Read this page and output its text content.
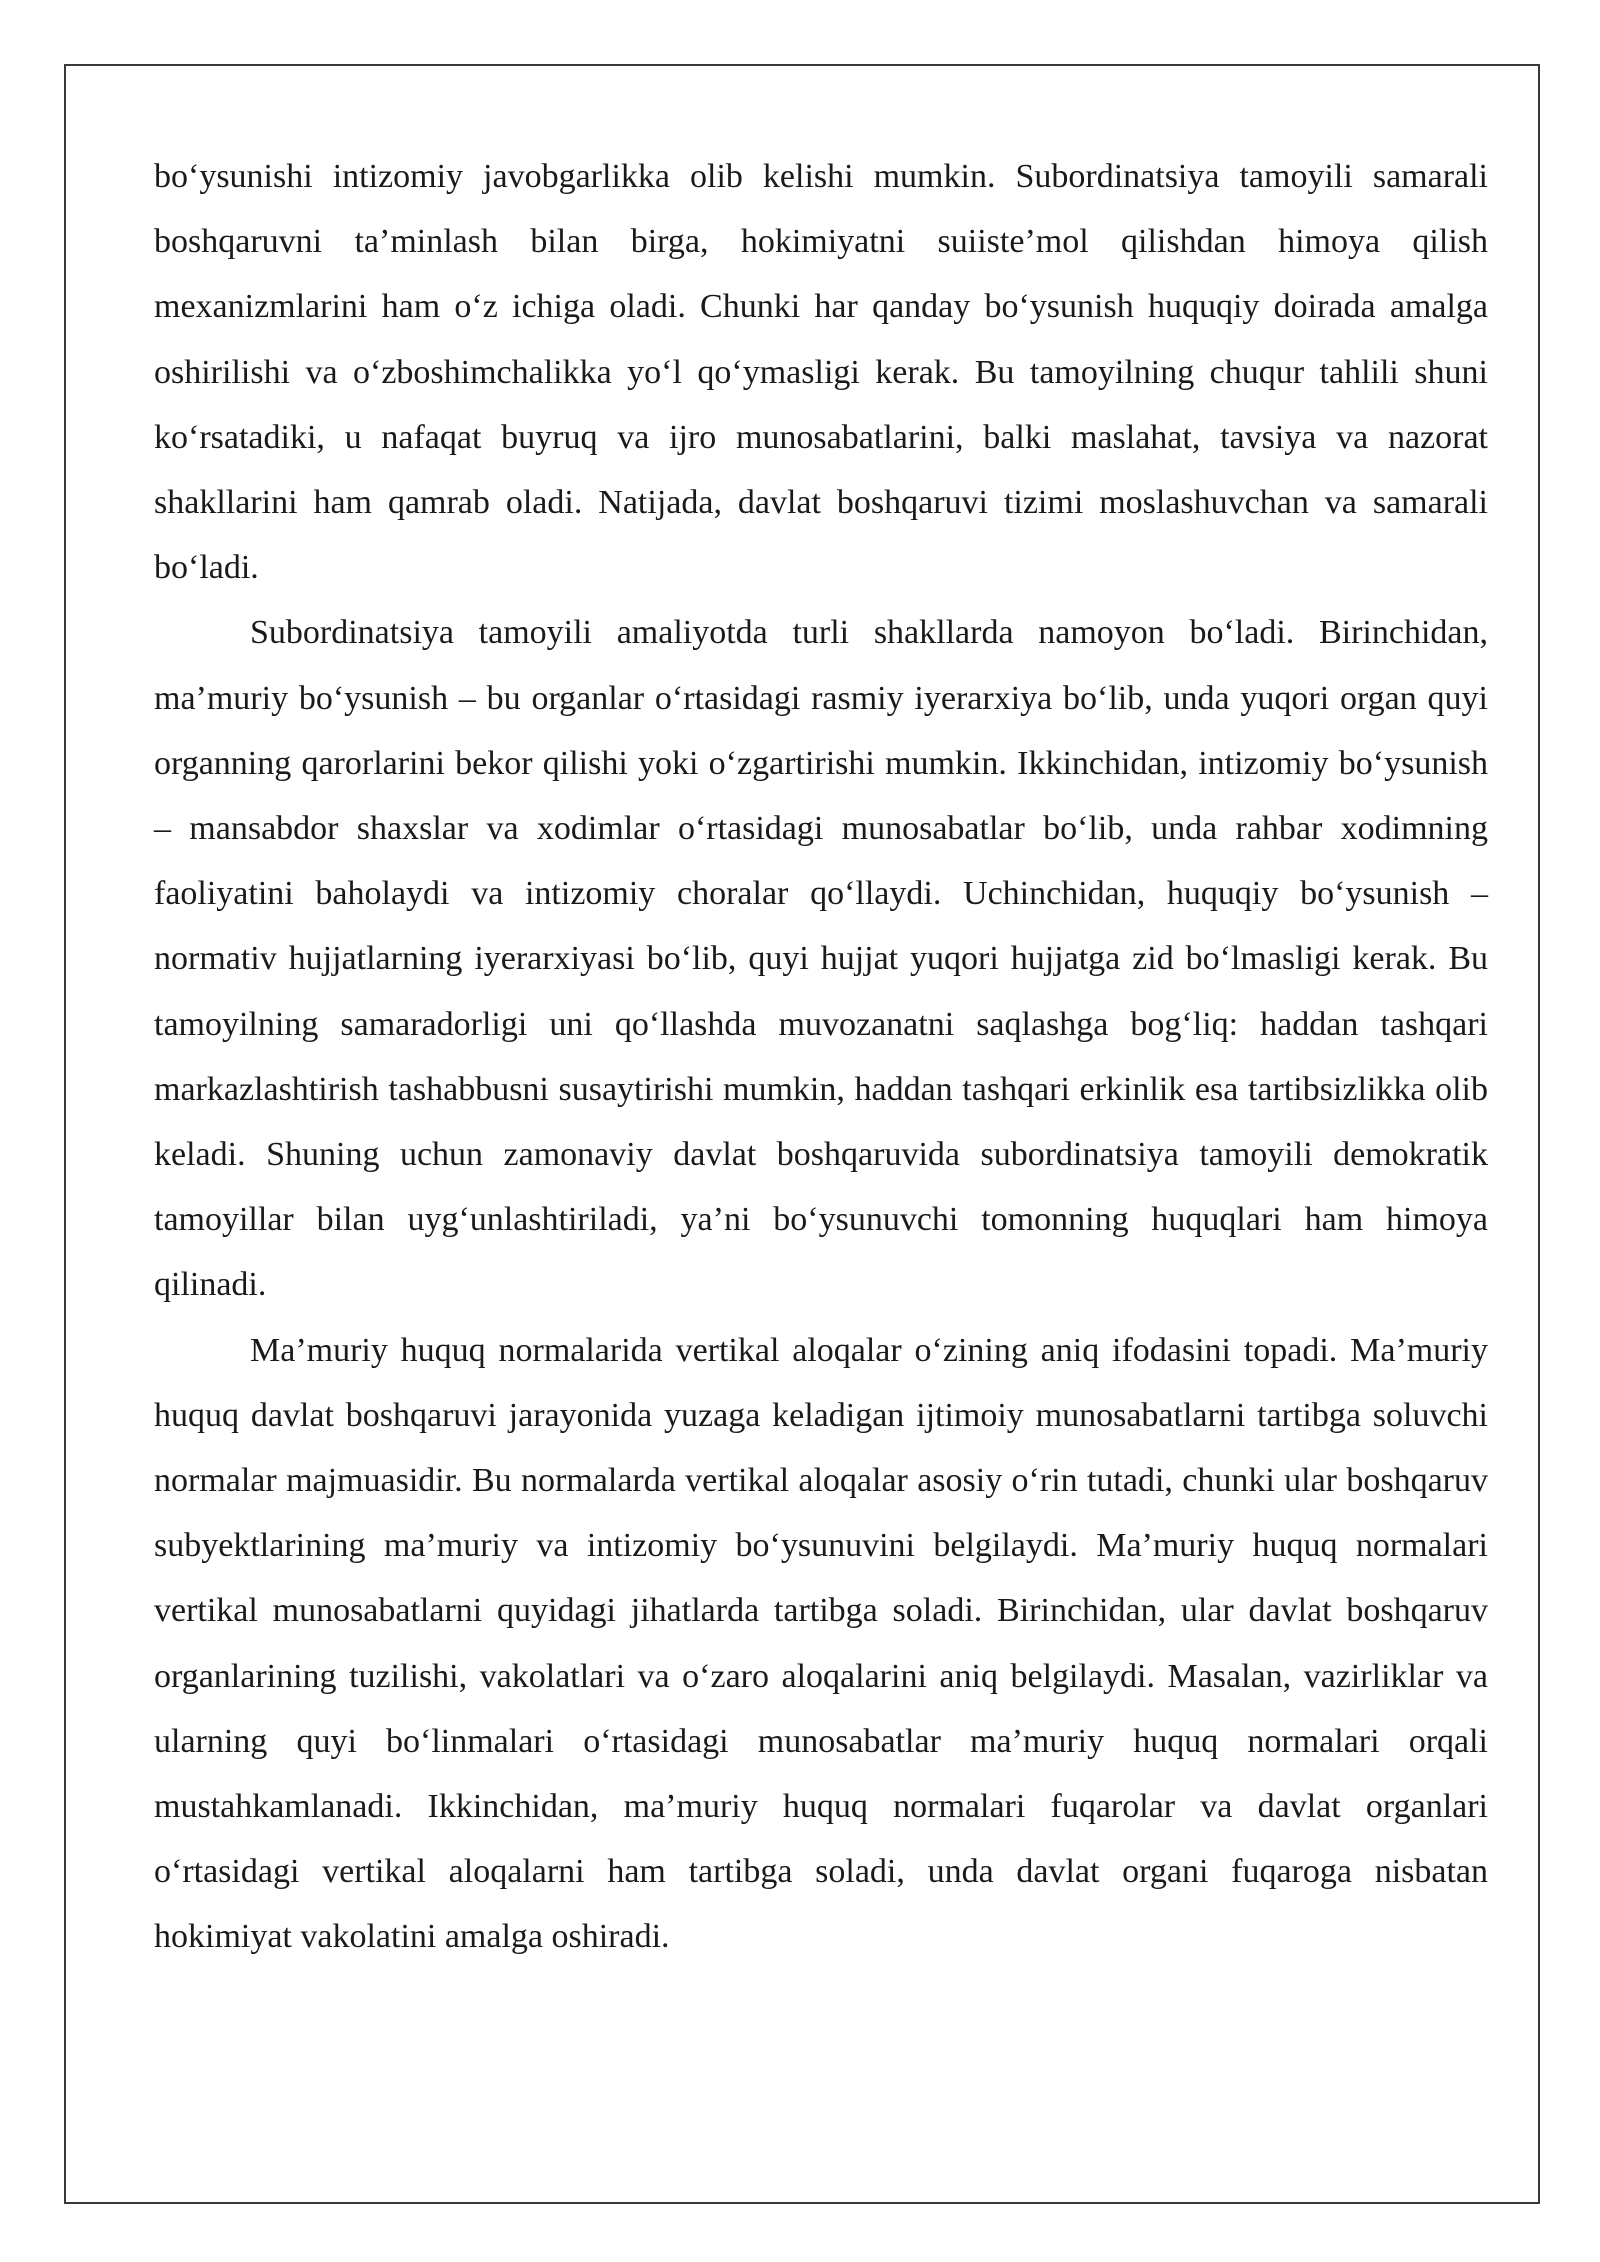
bo‘ysunishi intizomiy javobgarlikka olib kelishi mumkin. Subordinatsiya tamoyili samarali boshqaruvni ta’minlash bilan birga, hokimiyatni suiiste’mol qilishdan himoya qilish mexanizmlarini ham o‘z ichiga oladi. Chunki har qanday bo‘ysunish huquqiy doirada amalga oshirilishi va o‘zboshimchalikka yo‘l qo‘ymasligi kerak. Bu tamoyilning chuqur tahlili shuni ko‘rsatadiki, u nafaqat buyruq va ijro munosabatlarini, balki maslahat, tavsiya va nazorat shakllarini ham qamrab oladi. Natijada, davlat boshqaruvi tizimi moslashuvchan va samarali bo‘ladi.

Subordinatsiya tamoyili amaliyotda turli shakllarda namoyon bo‘ladi. Birinchidan, ma’muriy bo‘ysunish – bu organlar o‘rtasidagi rasmiy iyerarxiya bo‘lib, unda yuqori organ quyi organning qarorlarini bekor qilishi yoki o‘zgartirishi mumkin. Ikkinchidan, intizomiy bo‘ysunish – mansabdor shaxslar va xodimlar o‘rtasidagi munosabatlar bo‘lib, unda rahbar xodimning faoliyatini baholaydi va intizomiy choralar qo‘llaydi. Uchinchidan, huquqiy bo‘ysunish – normativ hujjatlarning iyerarxiyasi bo‘lib, quyi hujjat yuqori hujjatga zid bo‘lmasligi kerak. Bu tamoyilning samaradorligi uni qo‘llashda muvozanatni saqlashga bog‘liq: haddan tashqari markazlashtirish tashabbusni susaytirishi mumkin, haddan tashqari erkinlik esa tartibsizlikka olib keladi. Shuning uchun zamonaviy davlat boshqaruvida subordinatsiya tamoyili demokratik tamoyillar bilan uyg‘unlashtiriladi, ya’ni bo‘ysunuvchi tomonning huquqlari ham himoya qilinadi.

Ma’muriy huquq normalarida vertikal aloqalar o‘zining aniq ifodasini topadi. Ma’muriy huquq davlat boshqaruvi jarayonida yuzaga keladigan ijtimoiy munosabatlarni tartibga soluvchi normalar majmuasidir. Bu normalarda vertikal aloqalar asosiy o‘rin tutadi, chunki ular boshqaruv subyektlarining ma’muriy va intizomiy bo‘ysunuvini belgilaydi. Ma’muriy huquq normalari vertikal munosabatlarni quyidagi jihatlarda tartibga soladi. Birinchidan, ular davlat boshqaruv organlarining tuzilishi, vakolatlari va o‘zaro aloqalarini aniq belgilaydi. Masalan, vazirliklar va ularning quyi bo‘linmalari o‘rtasidagi munosabatlar ma’muriy huquq normalari orqali mustahkamlanadi. Ikkinchidan, ma’muriy huquq normalari fuqarolar va davlat organlari o‘rtasidagi vertikal aloqalarni ham tartibga soladi, unda davlat organi fuqaroga nisbatan hokimiyat vakolatini amalga oshiradi.
